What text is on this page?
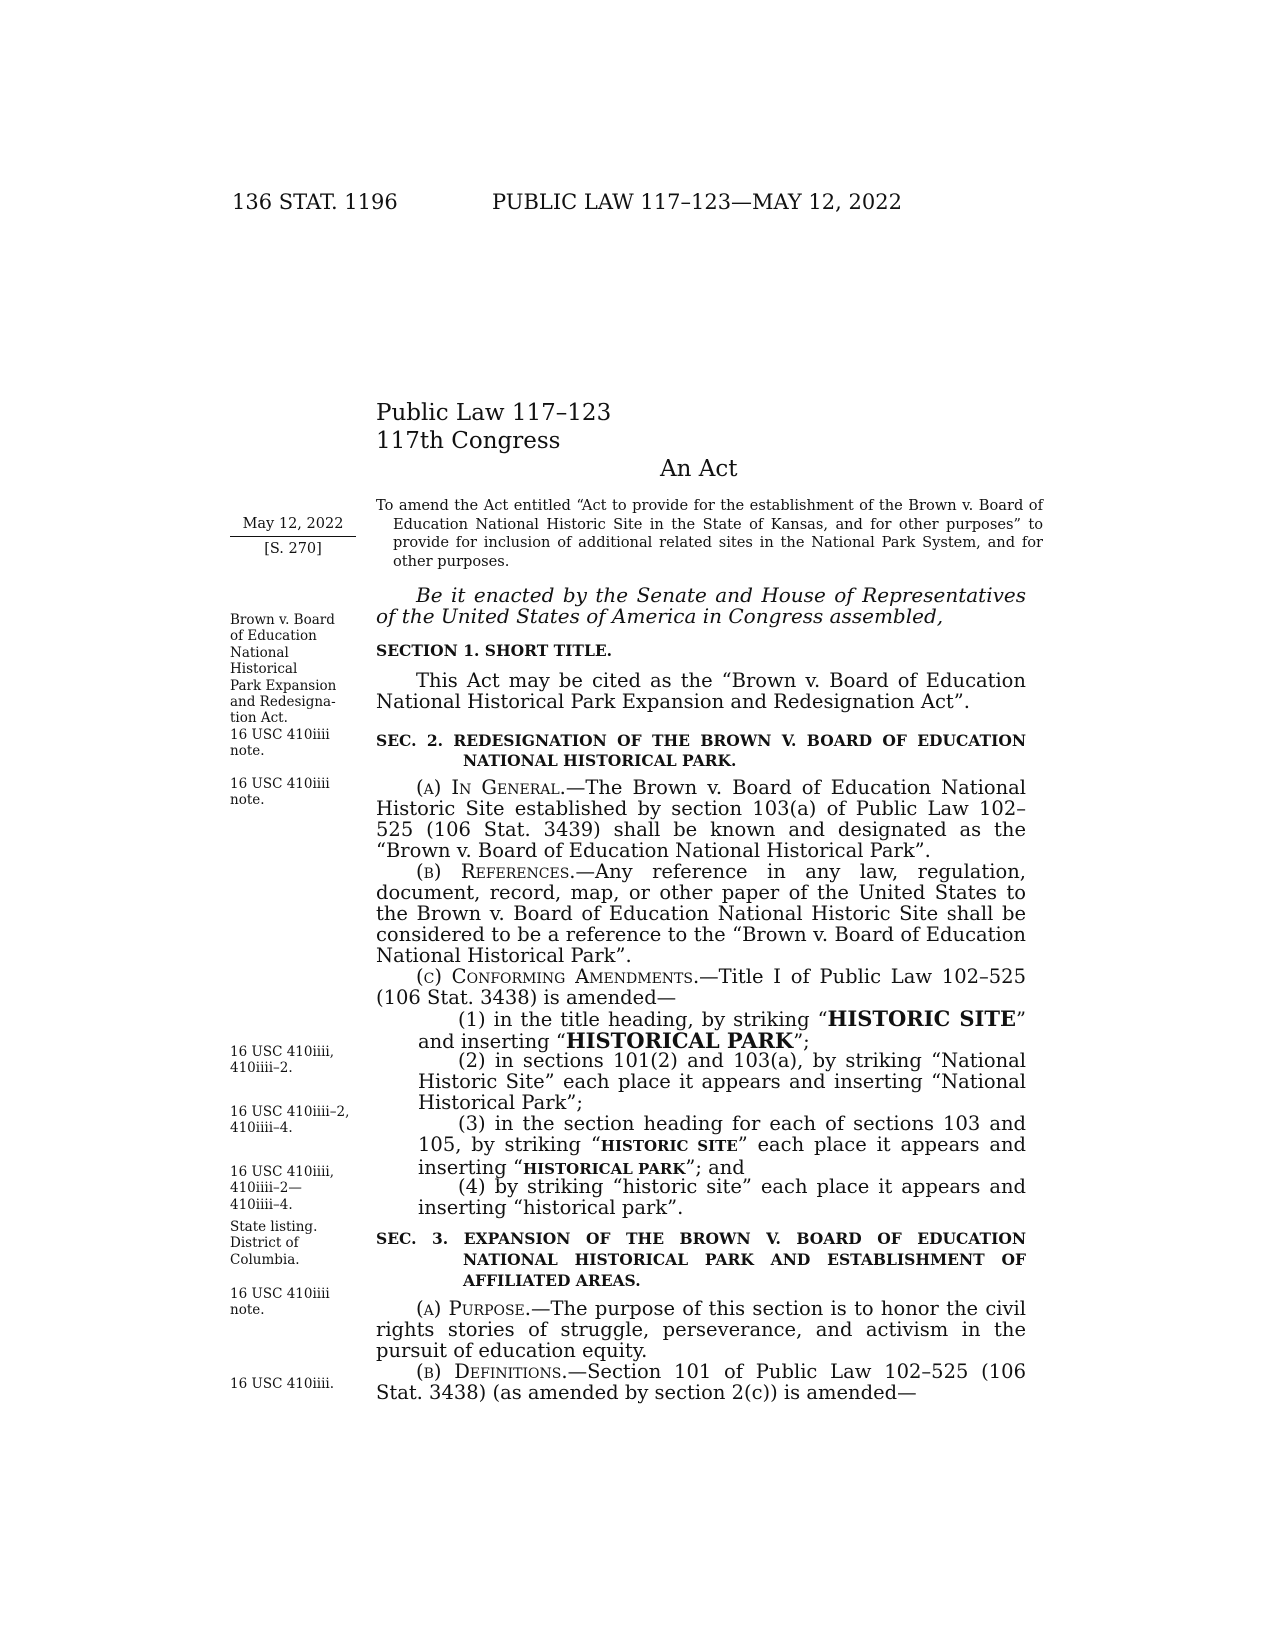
136 STAT. 1196	PUBLIC LAW 117–123—MAY 12, 2022
Public Law 117–123
117th Congress
An Act
May 12, 2022
[S. 270]
Brown v. Board
of Education
National
Historical
Park Expansion
and Redesigna-
tion Act.
16 USC 410iiii
note.
16 USC 410iiii
note.
16 USC 410iiii,
410iiii–2.
16 USC 410iiii–2,
410iiii–4.
16 USC 410iiii,
410iiii–2—
410iiii–4.
State listing.
District of
Columbia.
16 USC 410iiii
note.
16 USC 410iiii.
To amend the Act entitled “Act to provide for the establishment of the Brown v. Board of Education National Historic Site in the State of Kansas, and for other purposes” to provide for inclusion of additional related sites in the National Park System, and for other purposes.
Be it enacted by the Senate and House of Representatives of the United States of America in Congress assembled,
SECTION 1. SHORT TITLE.
This Act may be cited as the “Brown v. Board of Education National Historical Park Expansion and Redesignation Act”.
SEC. 2. REDESIGNATION OF THE BROWN V. BOARD OF EDUCATION
NATIONAL HISTORICAL PARK.
(a) In General.—The Brown v. Board of Education National Historic Site established by section 103(a) of Public Law 102–525 (106 Stat. 3439) shall be known and designated as the “Brown v. Board of Education National Historical Park”.
(b) References.—Any reference in any law, regulation, document, record, map, or other paper of the United States to the Brown v. Board of Education National Historic Site shall be considered to be a reference to the “Brown v. Board of Education National Historical Park”.
(c) Conforming Amendments.—Title I of Public Law 102–525 (106 Stat. 3438) is amended—
(1) in the title heading, by striking “HISTORIC SITE” and inserting “HISTORICAL PARK”;
(2) in sections 101(2) and 103(a), by striking “National Historic Site” each place it appears and inserting “National Historical Park”;
(3) in the section heading for each of sections 103 and 105, by striking “HISTORIC SITE” each place it appears and inserting “HISTORICAL PARK”; and
(4) by striking “historic site” each place it appears and inserting “historical park”.
SEC. 3. EXPANSION OF THE BROWN V. BOARD OF EDUCATION
NATIONAL HISTORICAL PARK AND ESTABLISHMENT OF
AFFILIATED AREAS.
(a) Purpose.—The purpose of this section is to honor the civil rights stories of struggle, perseverance, and activism in the pursuit of education equity.
(b) Definitions.—Section 101 of Public Law 102–525 (106 Stat. 3438) (as amended by section 2(c)) is amended—
